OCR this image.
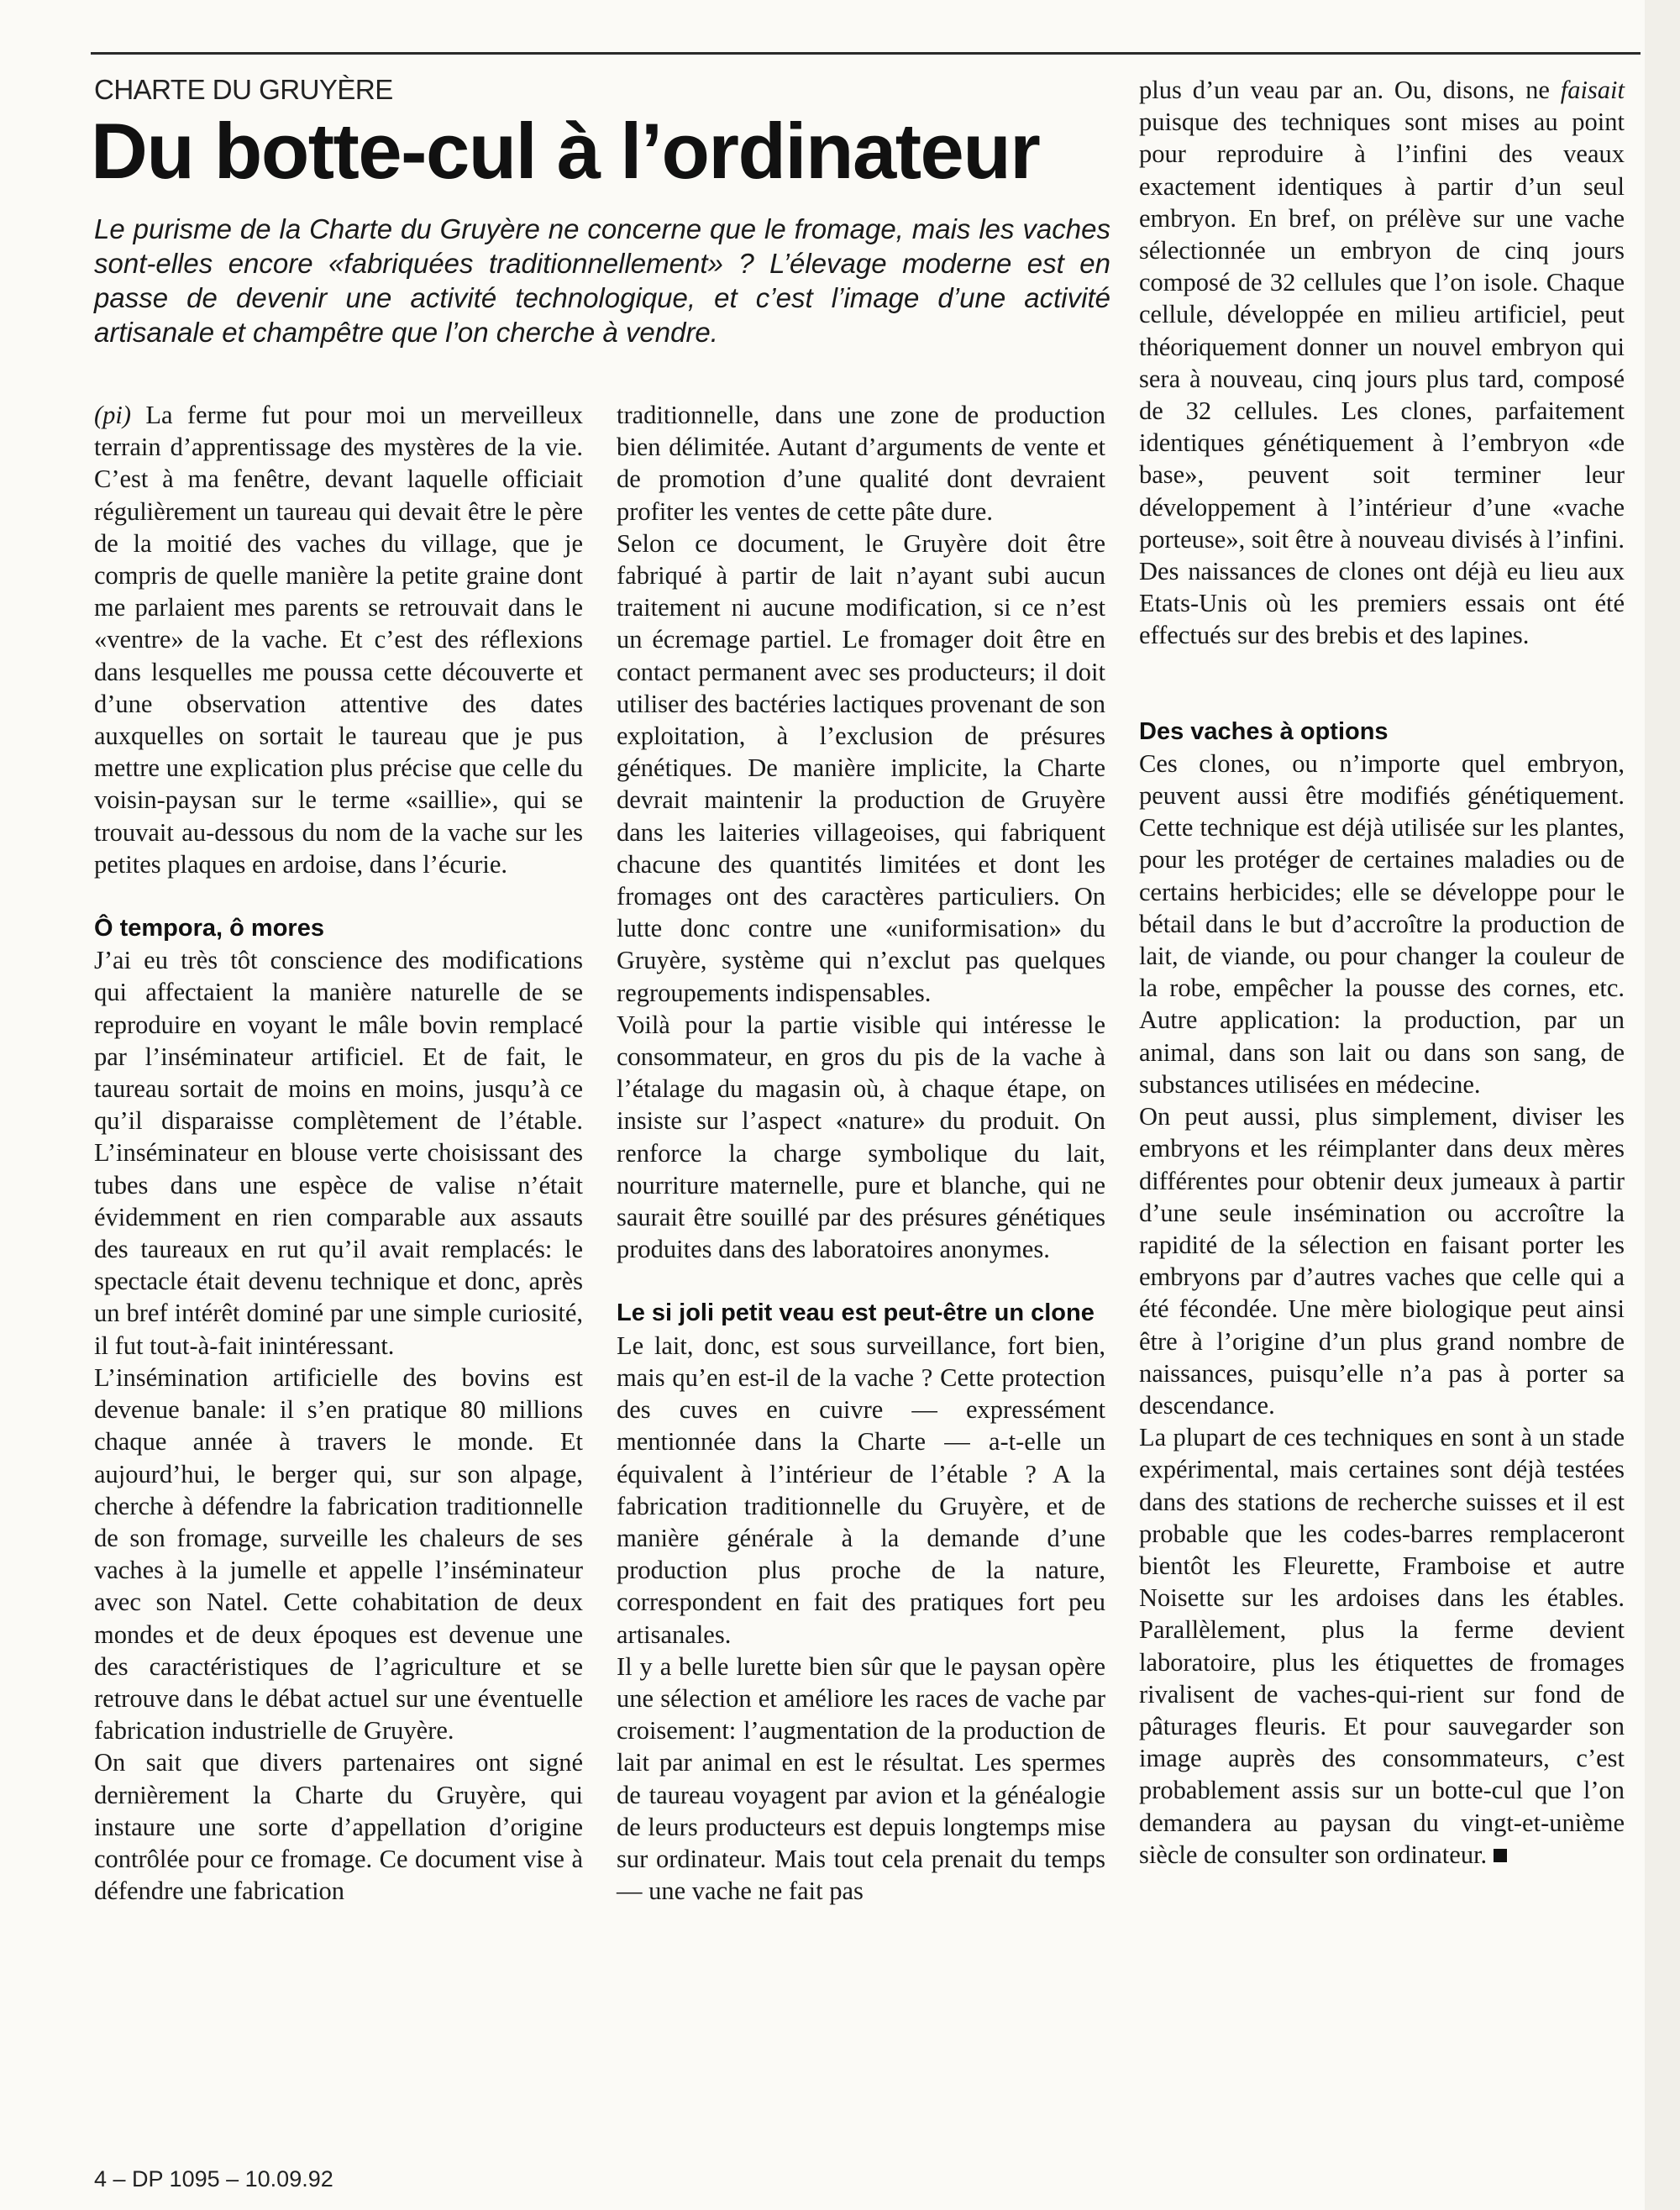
CHARTE DU GRUYÈRE
Du botte-cul à l’ordinateur
Le purisme de la Charte du Gruyère ne concerne que le fromage, mais les vaches sont-elles encore «fabriquées traditionnellement» ? L’élevage moderne est en passe de devenir une activité technologique, et c’est l’image d’une activité artisanale et champêtre que l’on cherche à vendre.

(pi) La ferme fut pour moi un merveilleux terrain d’apprentissage des mystères de la vie. C’est à ma fenêtre, devant laquelle officiait régulièrement un taureau qui devait être le père de la moitié des vaches du village, que je compris de quelle manière la petite graine dont me parlaient mes parents se retrouvait dans le «ventre» de la vache. Et c’est des réflexions dans lesquelles me poussa cette découverte et d’une observation attentive des dates auxquelles on sortait le taureau que je pus mettre une explication plus précise que celle du voisin-paysan sur le terme «saillie», qui se trouvait au-dessous du nom de la vache sur les petites plaques en ardoise, dans l’écurie.

Ô tempora, ô mores

J’ai eu très tôt conscience des modifications qui affectaient la manière naturelle de se reproduire en voyant le mâle bovin remplacé par l’inséminateur artificiel. Et de fait, le taureau sortait de moins en moins, jusqu’à ce qu’il disparaisse complètement de l’étable. L’inséminateur en blouse verte choisissant des tubes dans une espèce de valise n’était évidemment en rien comparable aux assauts des taureaux en rut qu’il avait remplacés: le spectacle était devenu technique et donc, après un bref intérêt dominé par une simple curiosité, il fut tout-à-fait inintéressant.

L’insémination artificielle des bovins est devenue banale: il s’en pratique 80 millions chaque année à travers le monde. Et aujourd’hui, le berger qui, sur son alpage, cherche à défendre la fabrication traditionnelle de son fromage, surveille les chaleurs de ses vaches à la jumelle et appelle l’inséminateur avec son Natel. Cette cohabitation de deux mondes et de deux époques est devenue une des caractéristiques de l’agriculture et se retrouve dans le débat actuel sur une éventuelle fabrication industrielle de Gruyère.

On sait que divers partenaires ont signé dernièrement la Charte du Gruyère, qui instaure une sorte d’appellation d’origine contrôlée pour ce fromage. Ce document vise à défendre une fabrication

traditionnelle, dans une zone de production bien délimitée. Autant d’arguments de vente et de promotion d’une qualité dont devraient profiter les ventes de cette pâte dure.

Selon ce document, le Gruyère doit être fabriqué à partir de lait n’ayant subi aucun traitement ni aucune modification, si ce n’est un écremage partiel. Le fromager doit être en contact permanent avec ses producteurs; il doit utiliser des bactéries lactiques provenant de son exploitation, à l’exclusion de présures génétiques. De manière implicite, la Charte devrait maintenir la production de Gruyère dans les laiteries villageoises, qui fabriquent chacune des quantités limitées et dont les fromages ont des caractères particuliers. On lutte donc contre une «uniformisation» du Gruyère, système qui n’exclut pas quelques regroupements indispensables.

Voilà pour la partie visible qui intéresse le consommateur, en gros du pis de la vache à l’étalage du magasin où, à chaque étape, on insiste sur l’aspect «nature» du produit. On renforce la charge symbolique du lait, nourriture maternelle, pure et blanche, qui ne saurait être souillé par des présures génétiques produites dans des laboratoires anonymes.

Le si joli petit veau est peut-être un clone

Le lait, donc, est sous surveillance, fort bien, mais qu’en est-il de la vache ? Cette protection des cuves en cuivre — expressément mentionnée dans la Charte — a-t-elle un équivalent à l’intérieur de l’étable ? A la fabrication traditionnelle du Gruyère, et de manière générale à la demande d’une production plus proche de la nature, correspondent en fait des pratiques fort peu artisanales.

Il y a belle lurette bien sûr que le paysan opère une sélection et améliore les races de vache par croisement: l’augmentation de la production de lait par animal en est le résultat. Les spermes de taureau voyagent par avion et la généalogie de leurs producteurs est depuis longtemps mise sur ordinateur. Mais tout cela prenait du temps — une vache ne fait pas

plus d’un veau par an. Ou, disons, ne faisait puisque des techniques sont mises au point pour reproduire à l’infini des veaux exactement identiques à partir d’un seul embryon. En bref, on prélève sur une vache sélectionnée un embryon de cinq jours composé de 32 cellules que l’on isole. Chaque cellule, développée en milieu artificiel, peut théoriquement donner un nouvel embryon qui sera à nouveau, cinq jours plus tard, composé de 32 cellules. Les clones, parfaitement identiques génétiquement à l’embryon «de base», peuvent soit terminer leur développement à l’intérieur d’une «vache porteuse», soit être à nouveau divisés à l’infini. Des naissances de clones ont déjà eu lieu aux Etats-Unis où les premiers essais ont été effectués sur des brebis et des lapines.

Des vaches à options

Ces clones, ou n’importe quel embryon, peuvent aussi être modifiés génétiquement. Cette technique est déjà utilisée sur les plantes, pour les protéger de certaines maladies ou de certains herbicides; elle se développe pour le bétail dans le but d’accroître la production de lait, de viande, ou pour changer la couleur de la robe, empêcher la pousse des cornes, etc. Autre application: la production, par un animal, dans son lait ou dans son sang, de substances utilisées en médecine.

On peut aussi, plus simplement, diviser les embryons et les réimplanter dans deux mères différentes pour obtenir deux jumeaux à partir d’une seule insémination ou accroître la rapidité de la sélection en faisant porter les embryons par d’autres vaches que celle qui a été fécondée. Une mère biologique peut ainsi être à l’origine d’un plus grand nombre de naissances, puisqu’elle n’a pas à porter sa descendance.

La plupart de ces techniques en sont à un stade expérimental, mais certaines sont déjà testées dans des stations de recherche suisses et il est probable que les codes-barres remplaceront bientôt les Fleurette, Framboise et autre Noisette sur les ardoises dans les étables. Parallèlement, plus la ferme devient laboratoire, plus les étiquettes de fromages rivalisent de vaches-qui-rient sur fond de pâturages fleuris. Et pour sauvegarder son image auprès des consommateurs, c’est probablement assis sur un botte-cul que l’on demandera au paysan du vingt-et-unième siècle de consulter son ordinateur.

4 – DP 1095 – 10.09.92
